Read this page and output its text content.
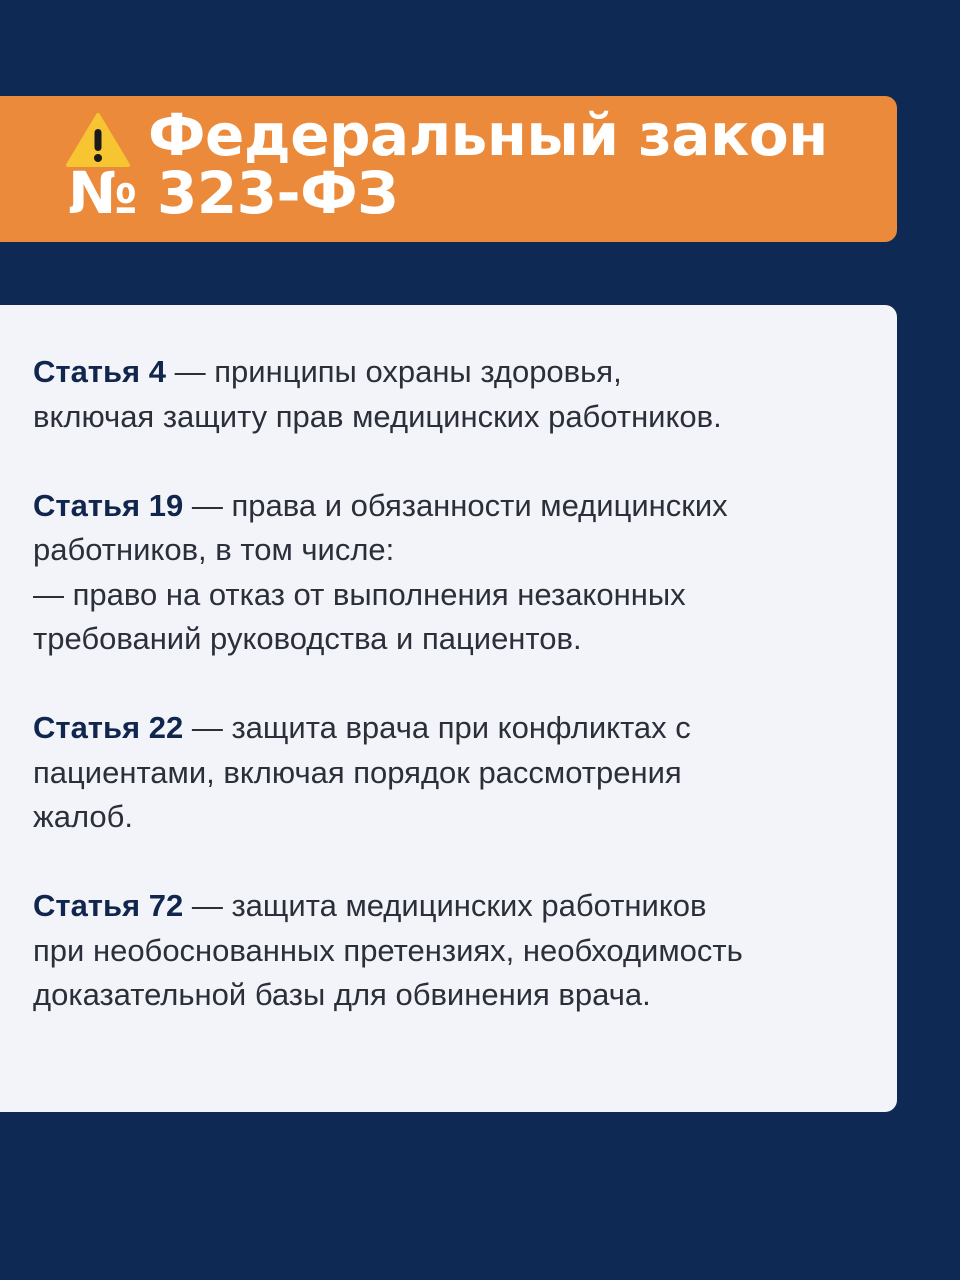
Федеральный закон
№ 323-ФЗ

Статья 4 — принципы охраны здоровья,
включая защиту прав медицинских работников.

Статья 19 — права и обязанности медицинских
работников, в том числе:
— право на отказ от выполнения незаконных
требований руководства и пациентов.

Статья 22 — защита врача при конфликтах с
пациентами, включая порядок рассмотрения
жалоб.

Статья 72 — защита медицинских работников
при необоснованных претензиях, необходимость
доказательной базы для обвинения врача.
